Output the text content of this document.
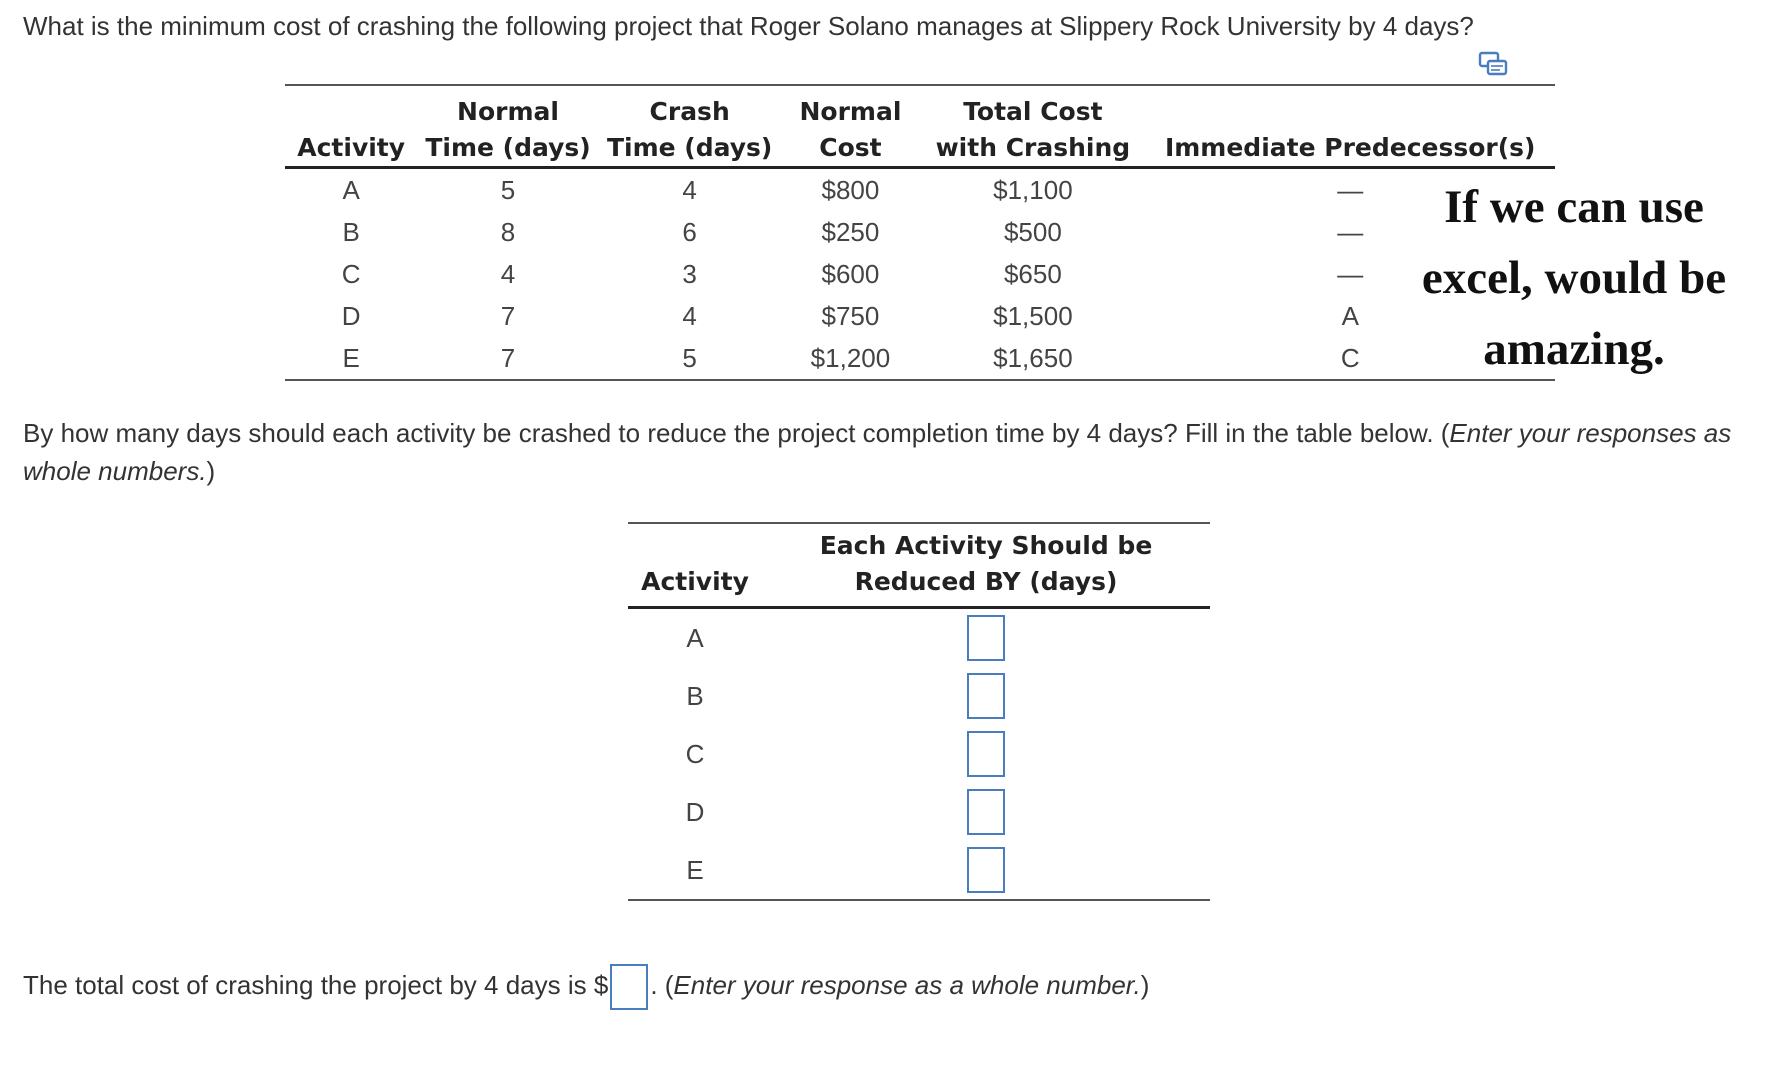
What is the minimum cost of crashing the following project that Roger Solano manages at Slippery Rock University by 4 days?
	Normal	Crash	Normal	Total Cost	
Activity	Time (days)	Time (days)	Cost	with Crashing	Immediate Predecessor(s)
A	5	4	$800	$1,100	—
B	8	6	$250	$500	—
C	4	3	$600	$650	—
D	7	4	$750	$1,500	A
E	7	5	$1,200	$1,650	C
If we can use excel, would be amazing.
By how many days should each activity be crashed to reduce the project completion time by 4 days? Fill in the table below. (Enter your responses as whole numbers.)
Activity	Each Activity Should be Reduced BY (days)

A	
B	
C	
D	
E	
The total cost of crashing the project by 4 days is $ . (Enter your response as a whole number.)
